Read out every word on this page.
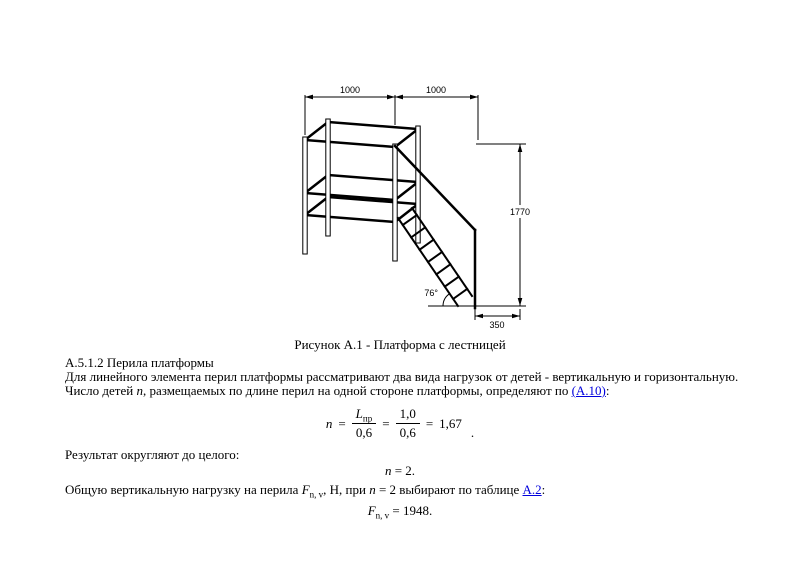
1000	1000
1770
350
76°
Рисунок А.1 - Платформа с лестницей
А.5.1.2 Перила платформы
Для линейного элемента перил платформы рассматривают два вида нагрузок от детей - вертикальную и горизонтальную.
Число детей n, размещаемых по длине перил на одной стороне платформы, определяют по (А.10):
$n = \frac{L_{пр}}{0,6} = \frac{1,0}{0,6} = 1,67$
.
Результат округляют до целого:
n = 2.
Общую вертикальную нагрузку на перила $F_{n, v}$, Н, при n = 2 выбирают по таблице А.2:
$F_{n, v} = 1948$.
